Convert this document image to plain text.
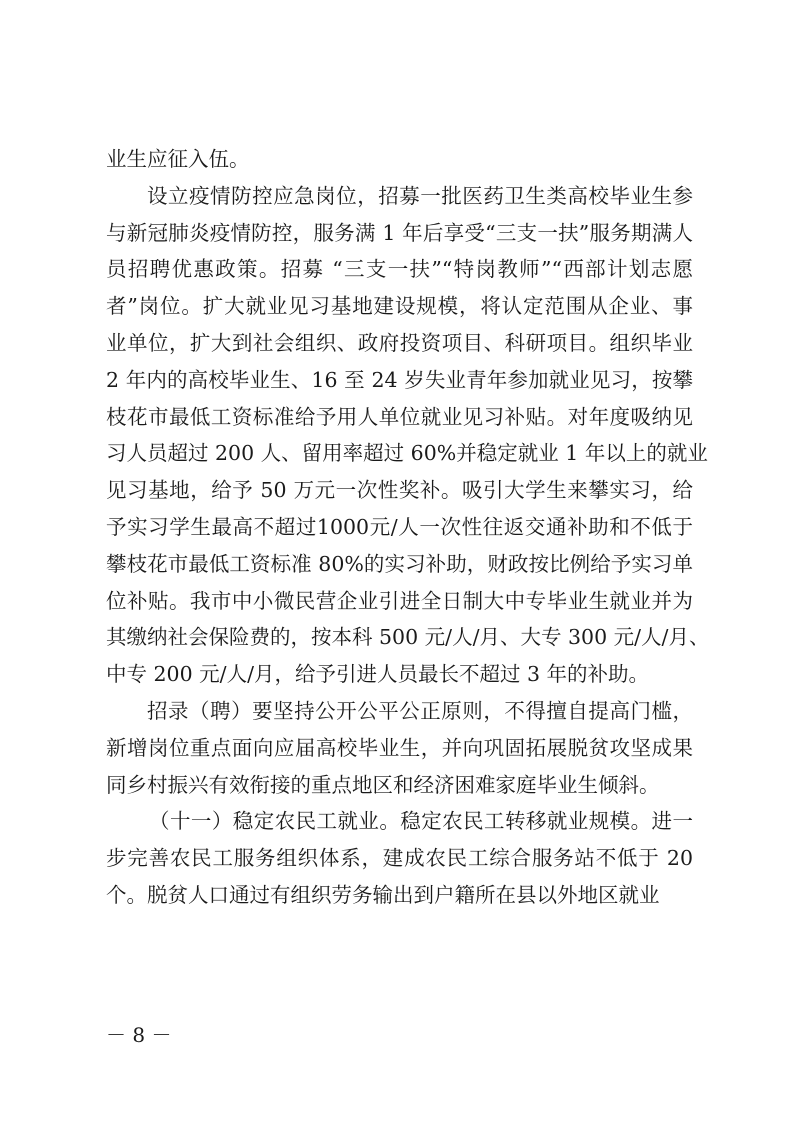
业生应征入伍。
设立疫情防控应急岗位，招募一批医药卫生类高校毕业生参
与新冠肺炎疫情防控，服务满 1 年后享受“三支一扶”服务期满人
员招聘优惠政策。招募 “三支一扶”“特岗教师”“西部计划志愿
者”岗位。扩大就业见习基地建设规模，将认定范围从企业、事
业单位，扩大到社会组织、政府投资项目、科研项目。组织毕业
2 年内的高校毕业生、16 至 24 岁失业青年参加就业见习，按攀
枝花市最低工资标准给予用人单位就业见习补贴。对年度吸纳见
习人员超过 200 人、留用率超过 60%并稳定就业 1 年以上的就业
见习基地，给予 50 万元一次性奖补。吸引大学生来攀实习，给
予实习学生最高不超过1000元/人一次性往返交通补助和不低于
攀枝花市最低工资标准 80%的实习补助，财政按比例给予实习单
位补贴。我市中小微民营企业引进全日制大中专毕业生就业并为
其缴纳社会保险费的，按本科 500 元/人/月、大专 300 元/人/月、
中专 200 元/人/月，给予引进人员最长不超过 3 年的补助。
招录（聘）要坚持公开公平公正原则，不得擅自提高门槛，
新增岗位重点面向应届高校毕业生，并向巩固拓展脱贫攻坚成果
同乡村振兴有效衔接的重点地区和经济困难家庭毕业生倾斜。
（十一）稳定农民工就业。稳定农民工转移就业规模。进一
步完善农民工服务组织体系，建成农民工综合服务站不低于 20
个。脱贫人口通过有组织劳务输出到户籍所在县以外地区就业
－ 8 －
